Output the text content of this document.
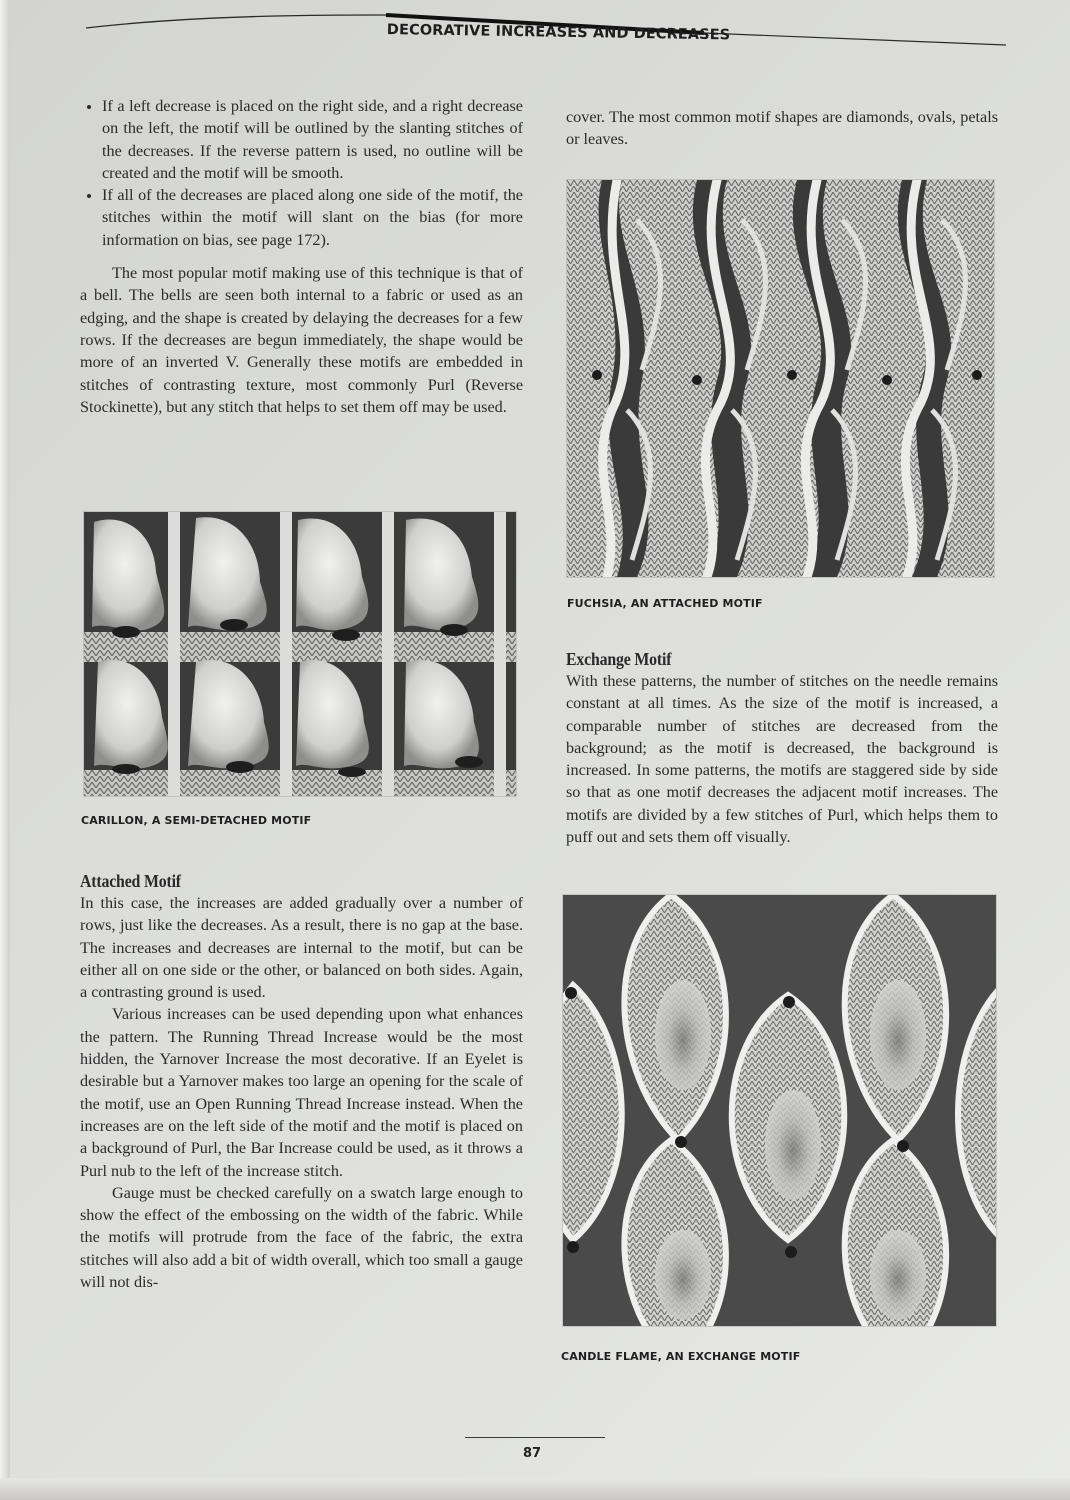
DECORATIVE INCREASES AND DECREASES
If a left decrease is placed on the right side, and a right decrease on the left, the motif will be outlined by the slanting stitches of the decreases. If the reverse pattern is used, no outline will be created and the motif will be smooth.
If all of the decreases are placed along one side of the motif, the stitches within the motif will slant on the bias (for more information on bias, see page 172).

The most popular motif making use of this technique is that of a bell. The bells are seen both internal to a fabric or used as an edging, and the shape is created by delaying the decreases for a few rows. If the decreases are begun immediately, the shape would be more of an inverted V. Generally these motifs are embedded in stitches of contrasting texture, most commonly Purl (Reverse Stockinette), but any stitch that helps to set them off may be used.

CARILLON, A SEMI-DETACHED MOTIF
Attached Motif

In this case, the increases are added gradually over a number of rows, just like the decreases. As a result, there is no gap at the base. The increases and decreases are internal to the motif, but can be either all on one side or the other, or balanced on both sides. Again, a contrasting ground is used.

Various increases can be used depending upon what enhances the pattern. The Running Thread Increase would be the most hidden, the Yarnover Increase the most decorative. If an Eyelet is desirable but a Yarnover makes too large an opening for the scale of the motif, use an Open Running Thread Increase instead. When the increases are on the left side of the motif and the motif is placed on a background of Purl, the Bar Increase could be used, as it throws a Purl nub to the left of the increase stitch.

Gauge must be checked carefully on a swatch large enough to show the effect of the embossing on the width of the fabric. While the motifs will protrude from the face of the fabric, the extra stitches will also add a bit of width overall, which too small a gauge will not dis-

cover. The most common motif shapes are diamonds, ovals, petals or leaves.

FUCHSIA, AN ATTACHED MOTIF
Exchange Motif

With these patterns, the number of stitches on the needle remains constant at all times. As the size of the motif is increased, a comparable number of stitches are decreased from the background; as the motif is decreased, the background is increased. In some patterns, the motifs are staggered side by side so that as one motif decreases the adjacent motif increases. The motifs are divided by a few stitches of Purl, which helps them to puff out and sets them off visually.

CANDLE FLAME, AN EXCHANGE MOTIF
87
